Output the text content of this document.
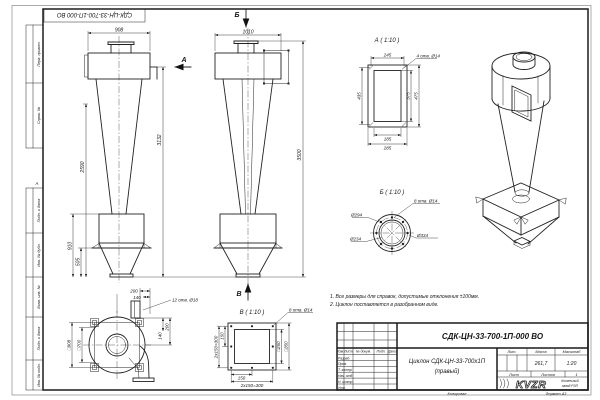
Перв. примен.
Справ. №
Подп. и дата
Инв. № дубл.
Взам. инв. №
Подп. и дата
Инв. № подл.
А
СДК-ЦН-33-700-1П-000 ВО
908
2590
3132
910
505
А
Б
В
1010
3500
□908 □700
200
140
140
200
12 отв. Ø18
А ( 1:10 )
4 отв. Ø14
245
435	375 475
185
285
Б ( 1:10 )
Ø294
Ø234
Ø334
8 отв. Ø14
В ( 1:10 )	8 отв. Ø14
150
2х150=300
150
2х150=300
□250 □350
1. Все размеры для справок, допустимые отклонения ±100мм.
2. Циклон поставляется в разобранном виде.
Изм. Лист № докум. Подп. Дата
Разраб.
Пров.
Т. контр.
Нач. отд.
Н. контр.
Утв.
СДК-ЦН-33-700-1П-000 ВО
Циклон СДК-ЦН-33-700х1П
(правый)
Лит.	Масса	Масштаб
261,7	1:20
Лист	Листов	1
KVZR	Котельный
завод РЭП
Копировал	Формат А3
